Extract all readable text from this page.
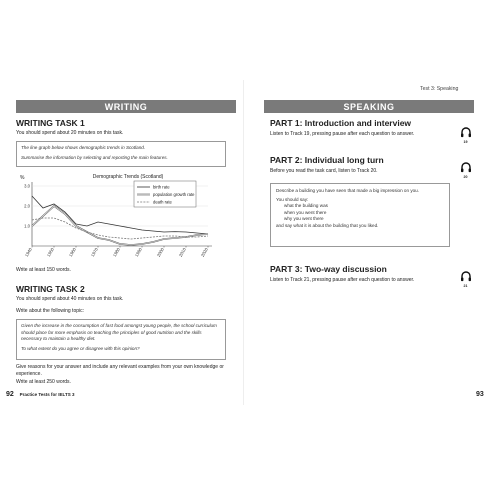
WRITING
WRITING TASK 1
You should spend about 20 minutes on this task.

The line graph below shows demographic trends in Scotland.

Summarise the information by selecting and reporting the main features.

Demographic Trends (Scotland)
%
1.0
2.0
3.0
1940	1950	1960	1970	1980	1990	2000	2010	2020
birth rate
population growth rate
death rate
Write at least 150 words.
WRITING TASK 2
You should spend about 40 minutes on this task.
Write about the following topic:

Given the increase in the consumption of fast food amongst young people, the school curriculum should place far more emphasis on teaching the principles of good nutrition and the skills necessary to maintain a healthy diet.

To what extent do you agree or disagree with this opinion?

Give reasons for your answer and include any relevant examples from your own knowledge or experience.
Write at least 250 words.
92 Practice Tests for IELTS 3
Test 3: Speaking
SPEAKING
PART 1: Introduction and interview
Listen to Track 19, pressing pause after each question to answer.
19
PART 2: Individual long turn
Before you read the task card, listen to Track 20.
20
Describe a building you have seen that made a big impression on you.
You should say:
what the building was
when you went there
why you went there
and say what it is about the building that you liked.
PART 3: Two-way discussion
Listen to Track 21, pressing pause after each question to answer.
21
93
